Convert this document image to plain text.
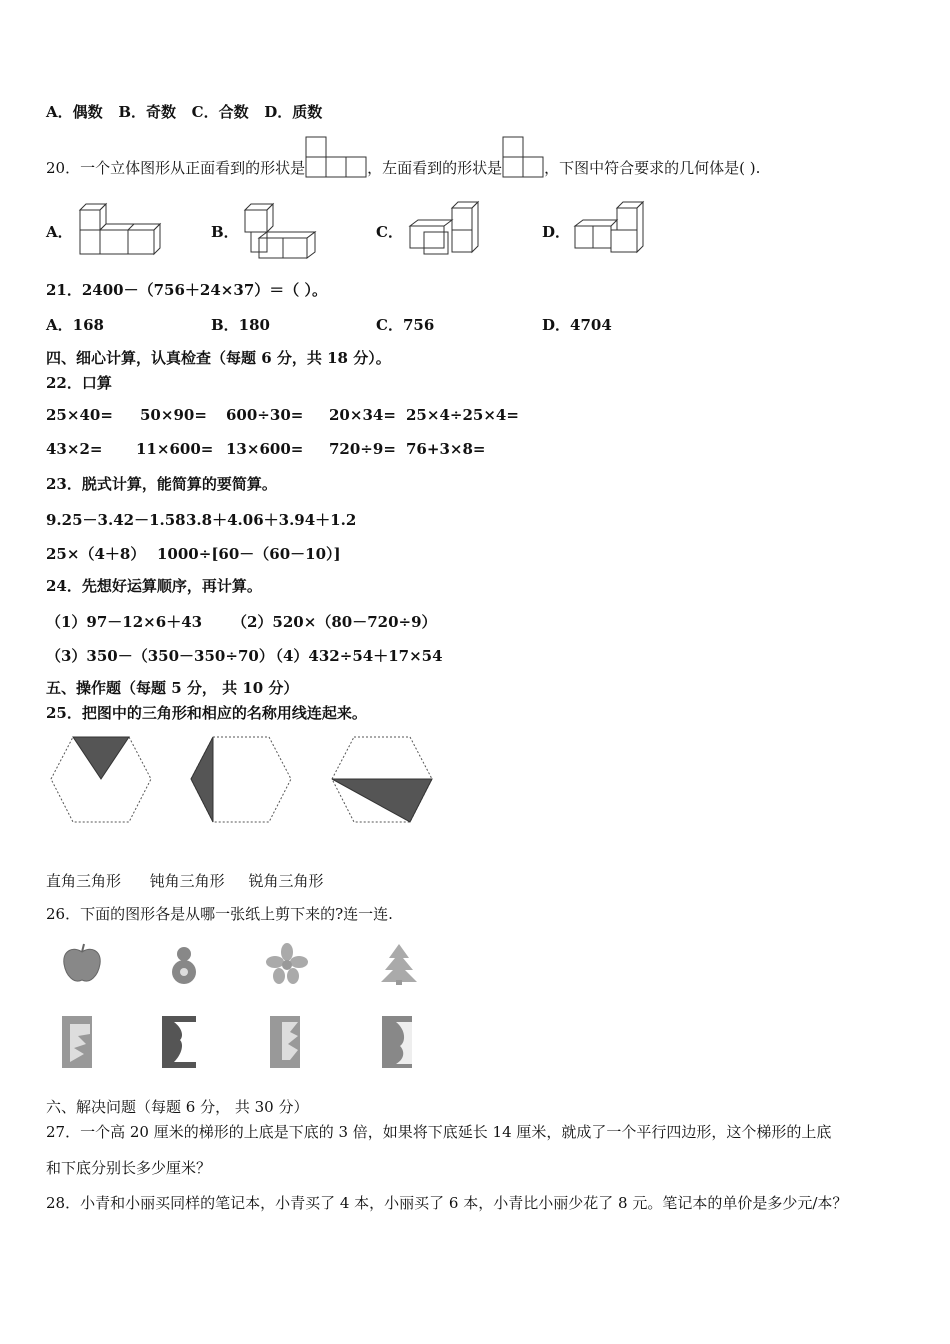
A．偶数 B．奇数 C．合数 D．质数
20．一个立体图形从正面看到的形状是	，左面看到的形状是	，下图中符合要求的几何体是( ).
A．	B．	C．	D．
21．2400－（756＋24×37）＝（ ）。
A．168	B．180	C．756	D．4704
四、细心计算，认真检查（每题 6 分，共 18 分）。
22．口算
25×40= 50×90= 600÷30= 20×34= 25×4÷25×4=
43×2= 11×600= 13×600= 720÷9= 76+3×8=
23．脱式计算，能简算的要简算。
9.25－3.42－1.58 3.8＋4.06＋3.94＋1.2
25×（4＋8） 1000÷[60－（60－10）]
24．先想好运算顺序，再计算。
（1）97－12×6＋43 （2）520×（80－720÷9）
（3）350－（350－350÷70）
（4）432÷54＋17×54
五、操作题（每题 5 分， 共 10 分）
25．把图中的三角形和相应的名称用线连起来。
直角三角形 钝角三角形 锐角三角形
26．下面的图形各是从哪一张纸上剪下来的?连一连.
六、解决问题（每题 6 分， 共 30 分）
27．一个高 20 厘米的梯形的上底是下底的 3 倍，如果将下底延长 14 厘米，就成了一个平行四边形，这个梯形的上底
和下底分别长多少厘米？
28．小青和小丽买同样的笔记本，小青买了 4 本，小丽买了 6 本，小青比小丽少花了 8 元。笔记本的单价是多少元/本？
